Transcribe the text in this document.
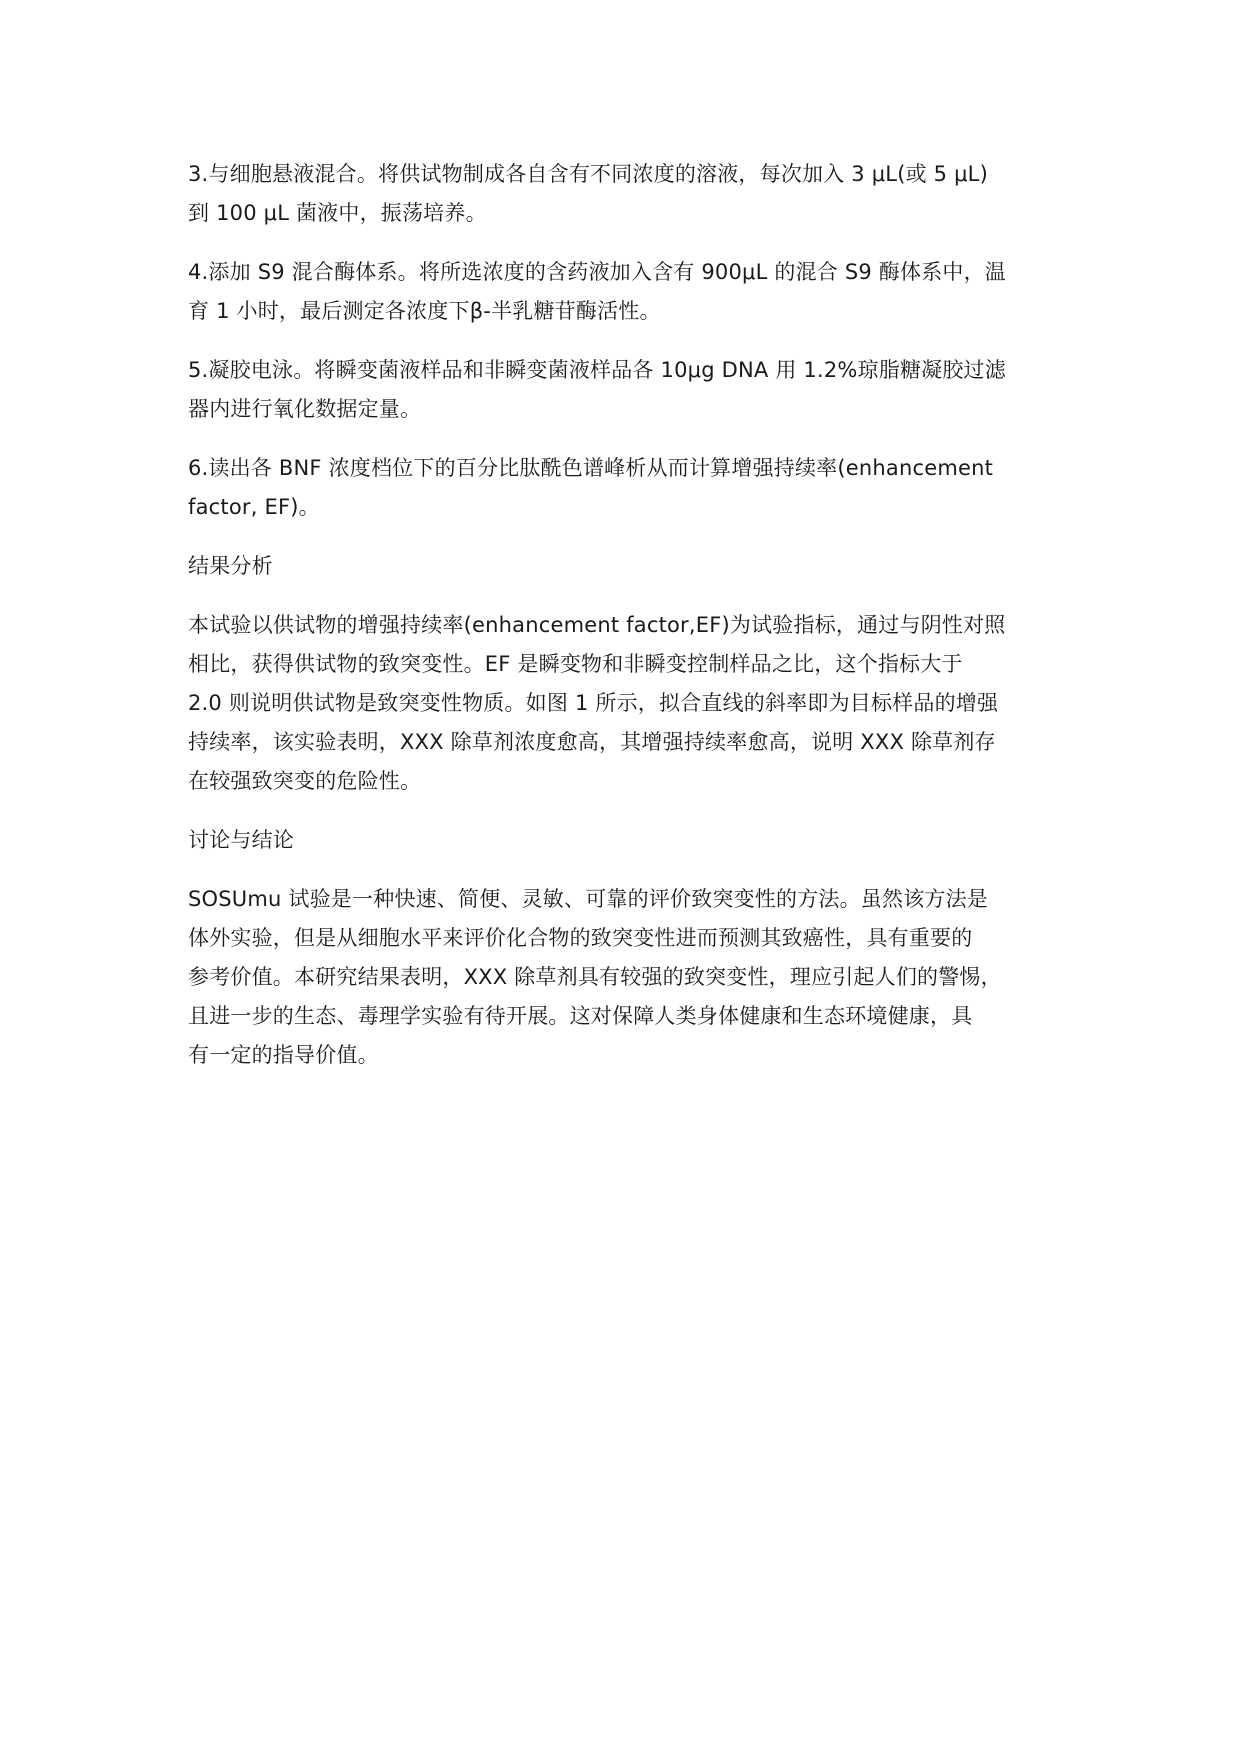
3.与细胞悬液混合。将供试物制成各自含有不同浓度的溶液，每次加入 3 μL(或 5 μL)
到 100 μL 菌液中，振荡培养。

4.添加 S9 混合酶体系。将所选浓度的含药液加入含有 900μL 的混合 S9 酶体系中，温
育 1 小时，最后测定各浓度下β-半乳糖苷酶活性。

5.凝胶电泳。将瞬变菌液样品和非瞬变菌液样品各 10μg DNA 用 1.2%琼脂糖凝胶过滤
器内进行氧化数据定量。

6.读出各 BNF 浓度档位下的百分比肽酰色谱峰析从而计算增强持续率(enhancement
factor, EF)。

结果分析

本试验以供试物的增强持续率(enhancement factor,EF)为试验指标，通过与阴性对照
相比，获得供试物的致突变性。EF 是瞬变物和非瞬变控制样品之比，这个指标大于
2.0 则说明供试物是致突变性物质。如图 1 所示，拟合直线的斜率即为目标样品的增强
持续率，该实验表明，XXX 除草剂浓度愈高，其增强持续率愈高，说明 XXX 除草剂存
在较强致突变的危险性。

讨论与结论

SOSUmu 试验是一种快速、简便、灵敏、可靠的评价致突变性的方法。虽然该方法是
体外实验，但是从细胞水平来评价化合物的致突变性进而预测其致癌性，具有重要的
参考价值。本研究结果表明，XXX 除草剂具有较强的致突变性，理应引起人们的警惕，
且进一步的生态、毒理学实验有待开展。这对保障人类身体健康和生态环境健康，具
有一定的指导价值。
